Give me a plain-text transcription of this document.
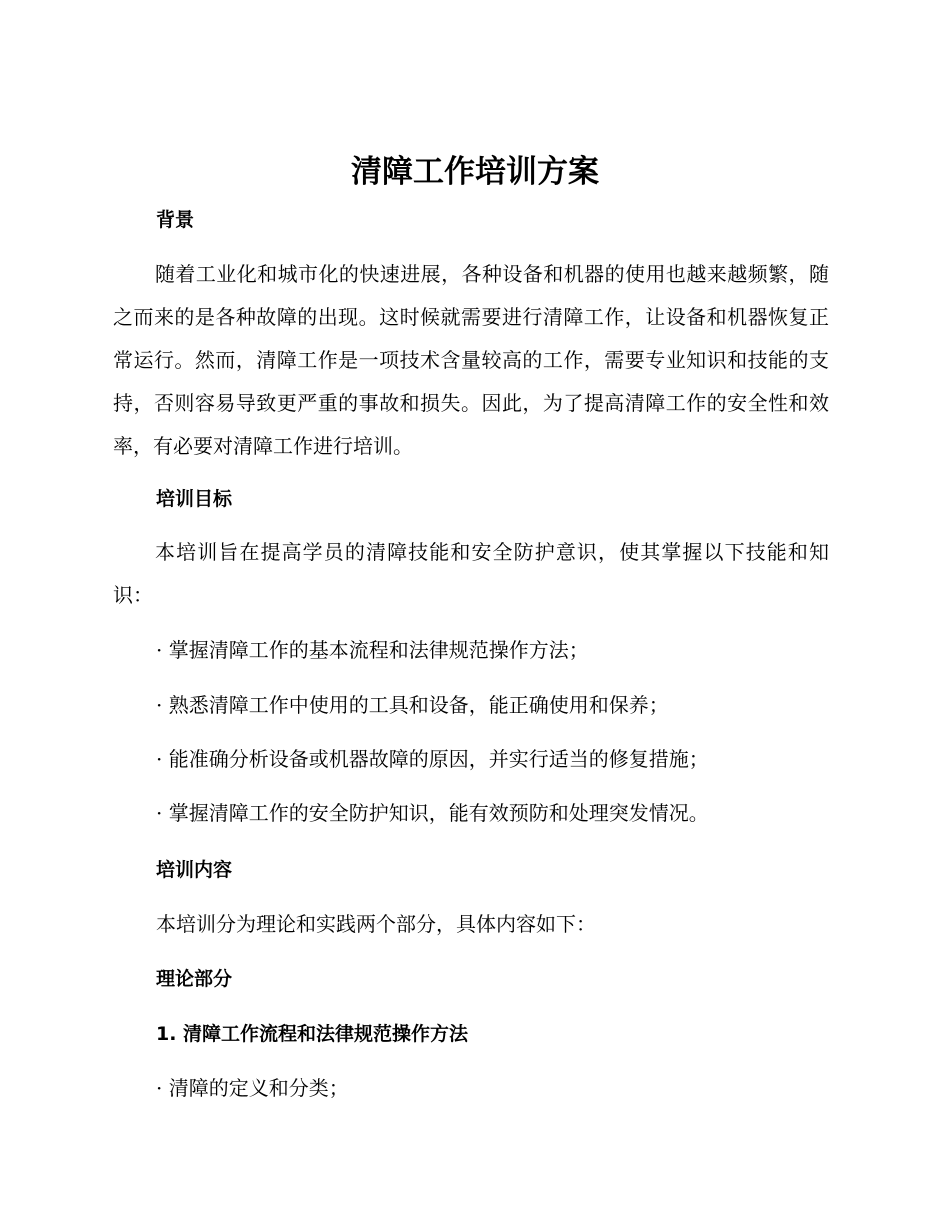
清障工作培训方案
背景

随着工业化和城市化的快速进展，各种设备和机器的使用也越来越频繁，随之而来的是各种故障的出现。这时候就需要进行清障工作，让设备和机器恢复正常运行。然而，清障工作是一项技术含量较高的工作，需要专业知识和技能的支持，否则容易导致更严重的事故和损失。因此，为了提高清障工作的安全性和效率，有必要对清障工作进行培训。

培训目标

本培训旨在提高学员的清障技能和安全防护意识，使其掌握以下技能和知识：

· 掌握清障工作的基本流程和法律规范操作方法；

· 熟悉清障工作中使用的工具和设备，能正确使用和保养；

· 能准确分析设备或机器故障的原因，并实行适当的修复措施；

· 掌握清障工作的安全防护知识，能有效预防和处理突发情况。

培训内容

本培训分为理论和实践两个部分，具体内容如下：

理论部分
1. 清障工作流程和法律规范操作方法

· 清障的定义和分类；
